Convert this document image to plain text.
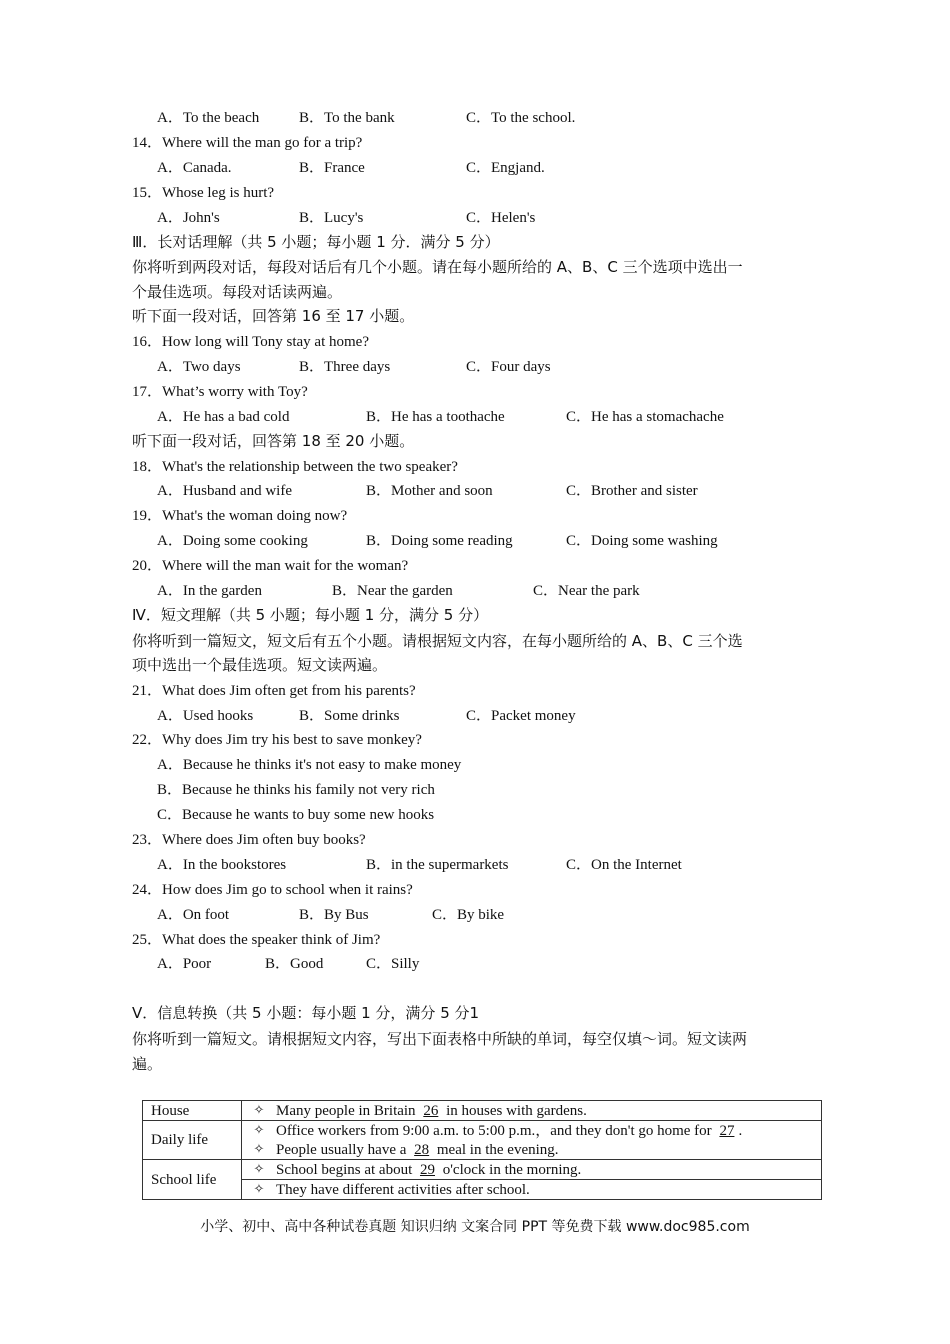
A．To the beach	B．To the bank	C．To the school.
14．Where will the man go for a trip?
A．Canada.	B．France	C．Engjand.
15．Whose leg is hurt?
A．John's	B．Lucy's	C．Helen's
Ⅲ．长对话理解（共 5 小题；每小题 1 分．满分 5 分）
你将听到两段对话，每段对话后有几个小题。请在每小题所给的 A、B、C 三个选项中选出一
个最佳选项。每段对话读两遍。
听下面一段对话，回答第 16 至 17 小题。
16．How long will Tony stay at home?
A．Two days	B．Three days	C．Four days
17．What’s worry with Toy?
A．He has a bad cold	B．He has a toothache	C．He has a stomachache
听下面一段对话，回答第 18 至 20 小题。
18．What's the relationship between the two speaker?
A．Husband and wife	B．Mother and soon	C．Brother and sister
19．What's the woman doing now?
A．Doing some cooking	B．Doing some reading	C．Doing some washing
20．Where will the man wait for the woman?
A．In the garden	B．Near the garden	C．Near the park
Ⅳ．短文理解（共 5 小题；每小题 1 分，满分 5 分）
你将听到一篇短文，短文后有五个小题。请根据短文内容，在每小题所给的 A、B、C 三个选
项中选出一个最佳选项。短文读两遍。
21．What does Jim often get from his parents?
A．Used hooks	B．Some drinks	C．Packet money
22．Why does Jim try his best to save monkey?
A．Because he thinks it's not easy to make money
B．Because he thinks his family not very rich
C．Because he wants to buy some new hooks
23．Where does Jim often buy books?
A．In the bookstores	B．in the supermarkets	C．On the Internet
24．How does Jim go to school when it rains?
A．On foot	B．By Bus	C．By bike
25．What does the speaker think of Jim?
A．Poor	B．Good	C．Silly
Ⅴ．信息转换（共 5 小题：每小题 1 分，满分 5 分1
你将听到一篇短文。请根据短文内容，写出下面表格中所缺的单词，每空仅填～词。短文读两
遍。
House	✧ Many people in Britain 26 in houses with gardens.

Daily life	✧ Office workers from 9:00 a.m. to 5:00 p.m.，and they don't go home for 27 .
✧ People usually have a 28 meal in the evening.

School life	✧ School begins at about 29 o'clock in the morning.
✧ They have different activities after school.
小学、初中、高中各种试卷真题 知识归纳 文案合同 PPT 等免费下载 www.doc985.com
